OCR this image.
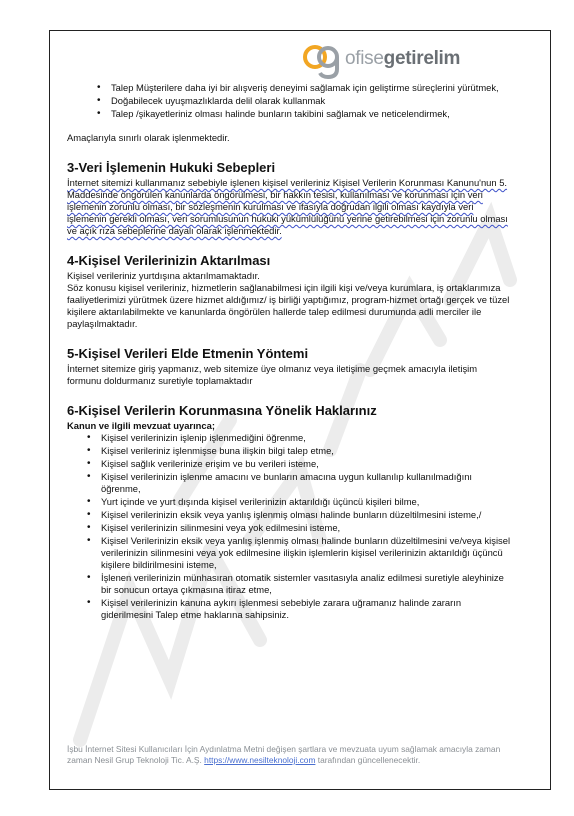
ofisegetirelim
• Talep Müşterilere daha iyi bir alışveriş deneyimi sağlamak için geliştirme süreçlerini yürütmek,
• Doğabilecek uyuşmazlıklarda delil olarak kullanmak
• Talep /şikayetleriniz olması halinde bunların takibini sağlamak ve neticelendirmek,

Amaçlarıyla sınırlı olarak işlenmektedir.

3-Veri İşlemenin Hukuki Sebepleri

İnternet sitemizi kullanmanız sebebiyle işlenen kişisel verileriniz Kişisel Verilerin Korunması Kanunu'nun 5. Maddesinde öngörülen kanunlarda öngörülmesi, bir hakkın tesisi, kullanılması ve korunması için veri işlemenin zorunlu olması, bir sözleşmenin kurulması ve ifasıyla doğrudan ilgili olması kaydıyla veri işlemenin gerekli olması, veri sorumlusunun hukuki yükümlülüğünü yerine getirebilmesi için zorunlu olması ve açık rıza sebeplerine dayalı olarak işlenmektedir.

4-Kişisel Verilerinizin Aktarılması

Kişisel verileriniz yurtdışına aktarılmamaktadır.

Söz konusu kişisel verileriniz, hizmetlerin sağlanabilmesi için ilgili kişi ve/veya kurumlara, iş ortaklarımıza faaliyetlerimizi yürütmek üzere hizmet aldığımız/ iş birliği yaptığımız, program-hizmet ortağı gerçek ve tüzel kişilere aktarılabilmekte ve kanunlarda öngörülen hallerde talep edilmesi durumunda adli merciler ile paylaşılmaktadır.

5-Kişisel Verileri Elde Etmenin Yöntemi

İnternet sitemize giriş yapmanız, web sitemize üye olmanız veya iletişime geçmek amacıyla iletişim formunu doldurmanız suretiyle toplamaktadır

6-Kişisel Verilerin Korunmasına Yönelik Haklarınız

Kanun ve ilgili mevzuat uyarınca;

• Kişisel verilerinizin işlenip işlenmediğini öğrenme,
• Kişisel verileriniz işlenmişse buna ilişkin bilgi talep etme,
• Kişisel sağlık verilerinize erişim ve bu verileri isteme,
• Kişisel verilerinizin işlenme amacını ve bunların amacına uygun kullanılıp kullanılmadığını öğrenme,
• Yurt içinde ve yurt dışında kişisel verilerinizin aktarıldığı üçüncü kişileri bilme,
• Kişisel verilerinizin eksik veya yanlış işlenmiş olması halinde bunların düzeltilmesini isteme,/
• Kişisel verilerinizin silinmesini veya yok edilmesini isteme,
• Kişisel Verilerinizin eksik veya yanlış işlenmiş olması halinde bunların düzeltilmesini ve/veya kişisel verilerinizin silinmesini veya yok edilmesine ilişkin işlemlerin kişisel verilerinizin aktarıldığı üçüncü kişilere bildirilmesini isteme,
• İşlenen verilerinizin münhasıran otomatik sistemler vasıtasıyla analiz edilmesi suretiyle aleyhinize bir sonucun ortaya çıkmasına itiraz etme,
• Kişisel verilerinizin kanuna aykırı işlenmesi sebebiyle zarara uğramanız halinde zararın giderilmesini Talep etme haklarına sahipsiniz.
İşbu İnternet Sitesi Kullanıcıları İçin Aydınlatma Metni değişen şartlara ve mevzuata uyum sağlamak amacıyla zaman zaman Nesil Grup Teknoloji Tic. A.Ş. https://www.nesilteknoloji.com tarafından güncellenecektir.
